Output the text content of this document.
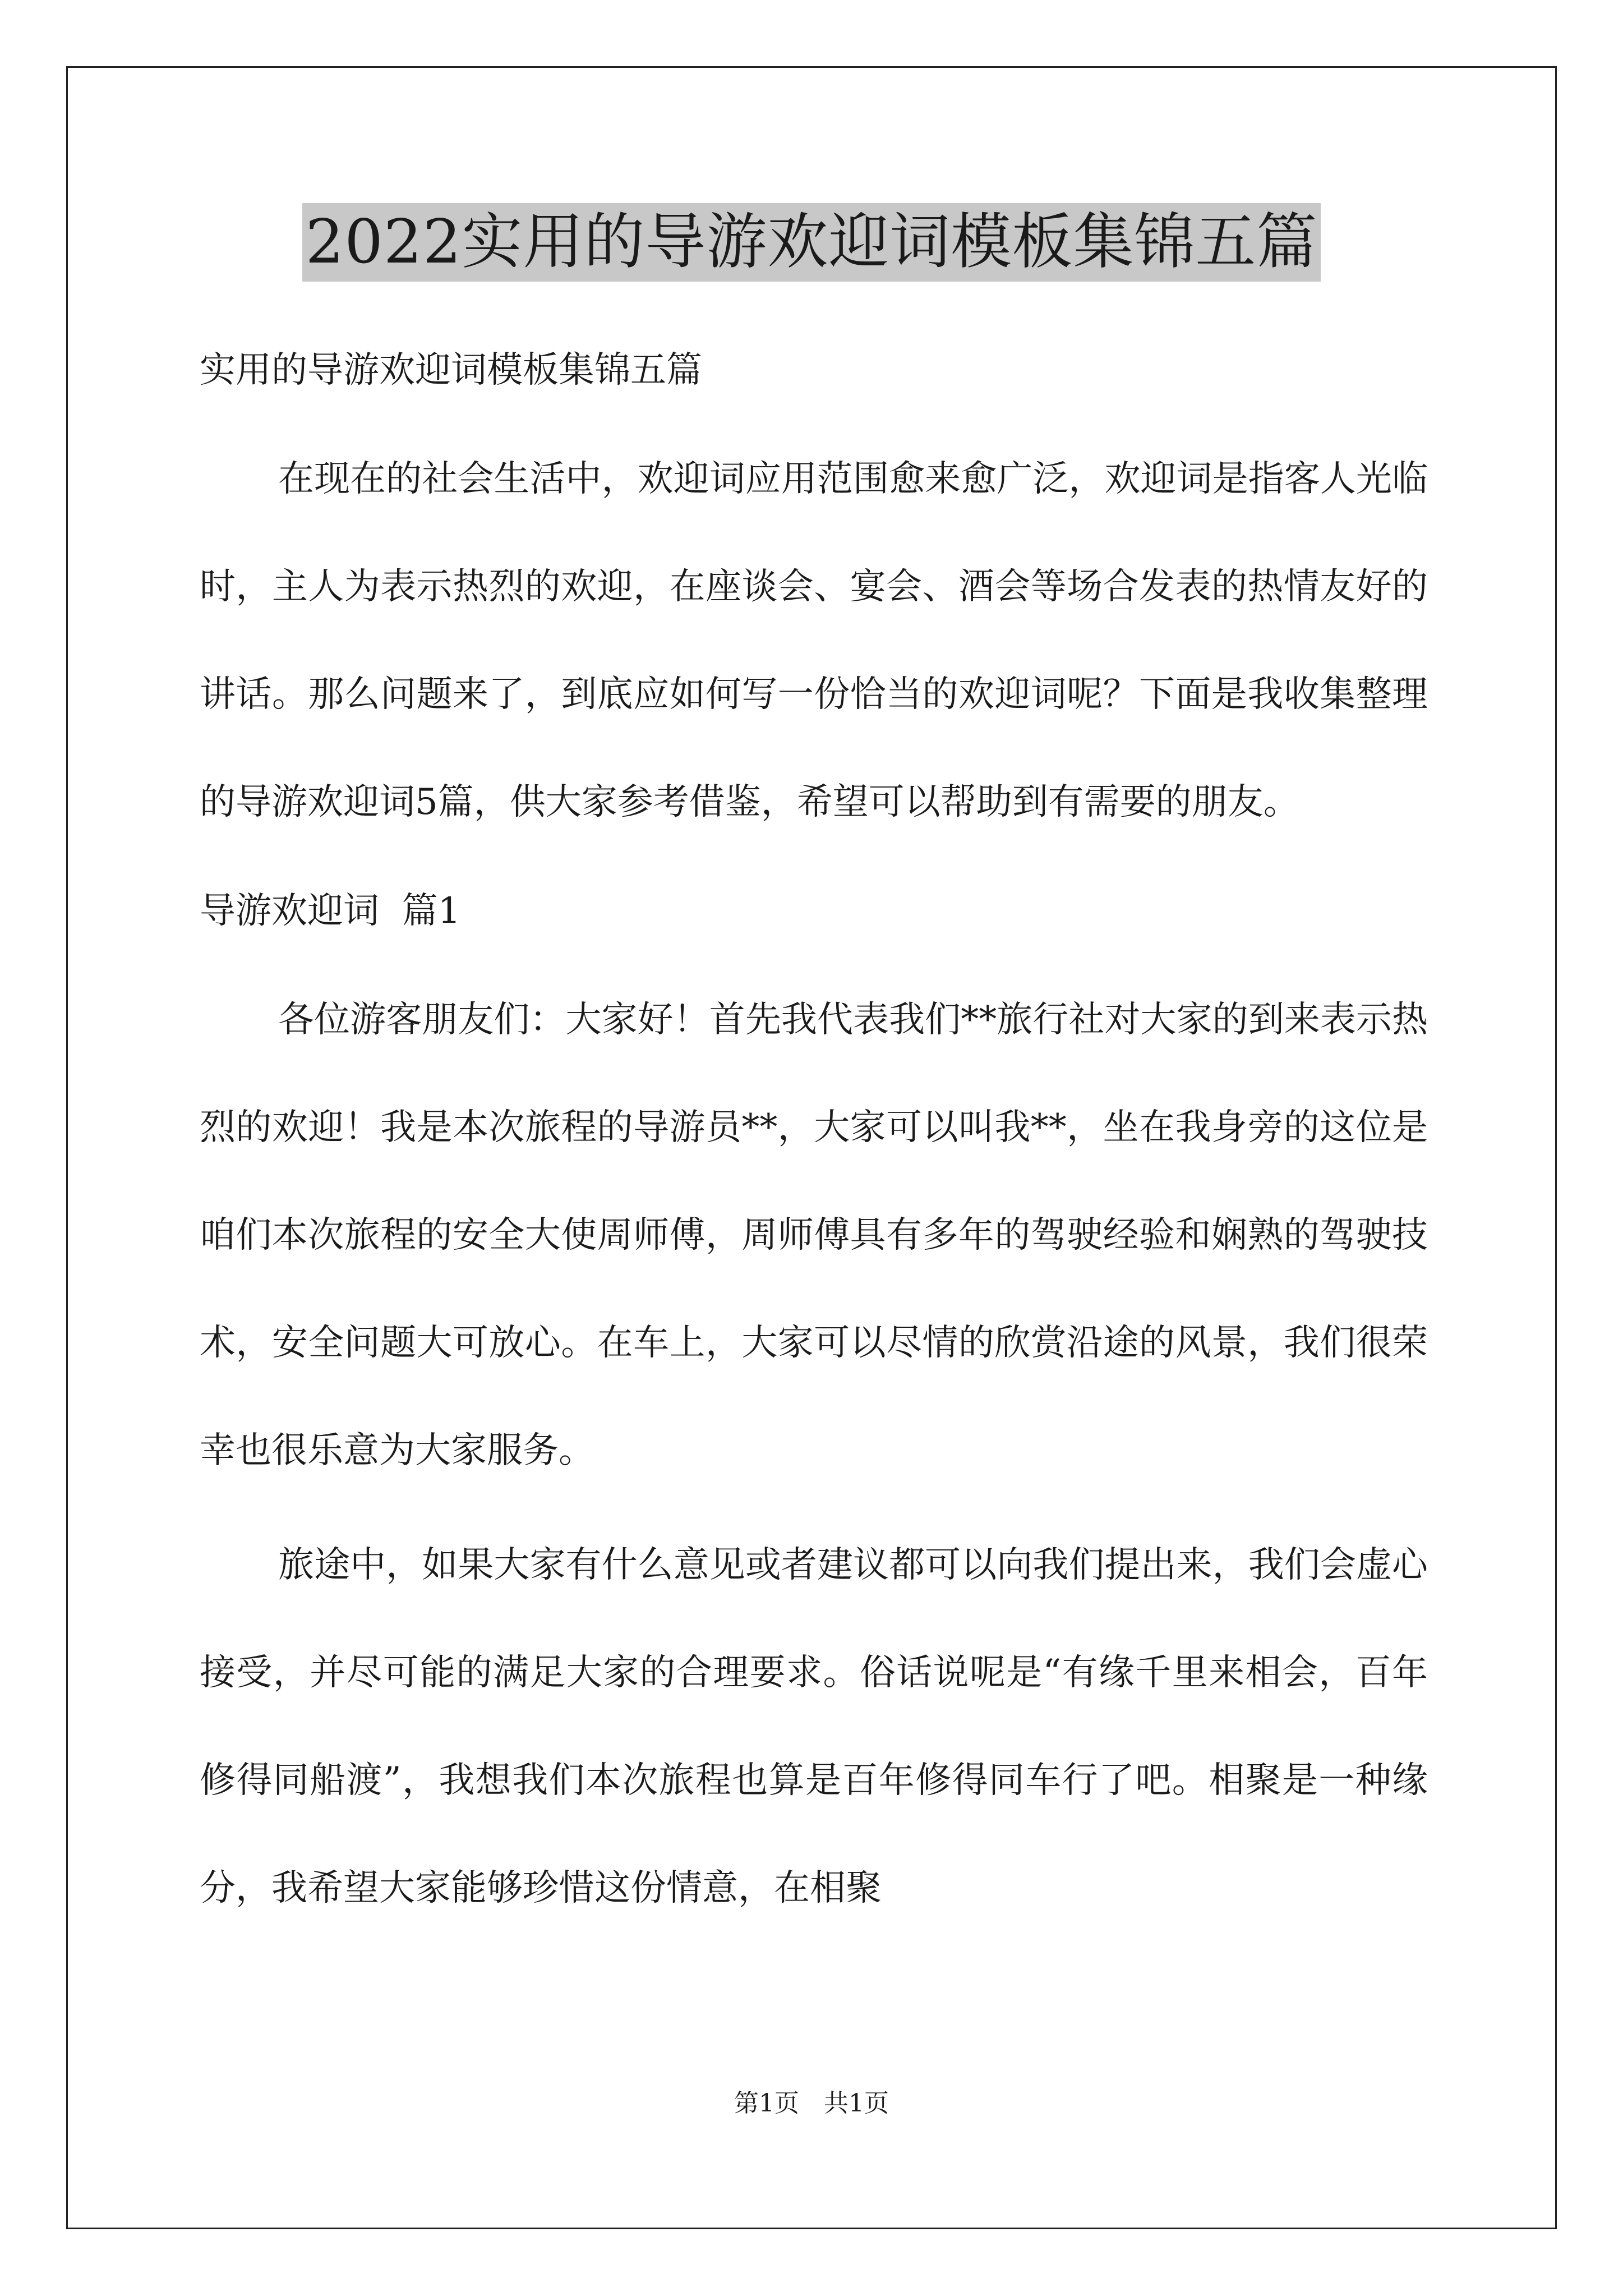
2022实用的导游欢迎词模板集锦五篇

实用的导游欢迎词模板集锦五篇

在现在的社会生活中，欢迎词应用范围愈来愈广泛，欢迎词是指客人光临时，主人为表示热烈的欢迎，在座谈会、宴会、酒会等场合发表的热情友好的讲话。那么问题来了，到底应如何写一份恰当的欢迎词呢？下面是我收集整理的导游欢迎词5篇，供大家参考借鉴，希望可以帮助到有需要的朋友。

导游欢迎词  篇1

各位游客朋友们：大家好！首先我代表我们**旅行社对大家的到来表示热烈的欢迎！我是本次旅程的导游员**，大家可以叫我**，坐在我身旁的这位是咱们本次旅程的安全大使周师傅，周师傅具有多年的驾驶经验和娴熟的驾驶技术，安全问题大可放心。在车上，大家可以尽情的欣赏沿途的风景，我们很荣幸也很乐意为大家服务。

旅途中，如果大家有什么意见或者建议都可以向我们提出来，我们会虚心接受，并尽可能的满足大家的合理要求。俗话说呢是“有缘千里来相会，百年修得同船渡”，我想我们本次旅程也算是百年修得同车行了吧。相聚是一种缘分，我希望大家能够珍惜这份情意，在相聚

第1页　共1页
